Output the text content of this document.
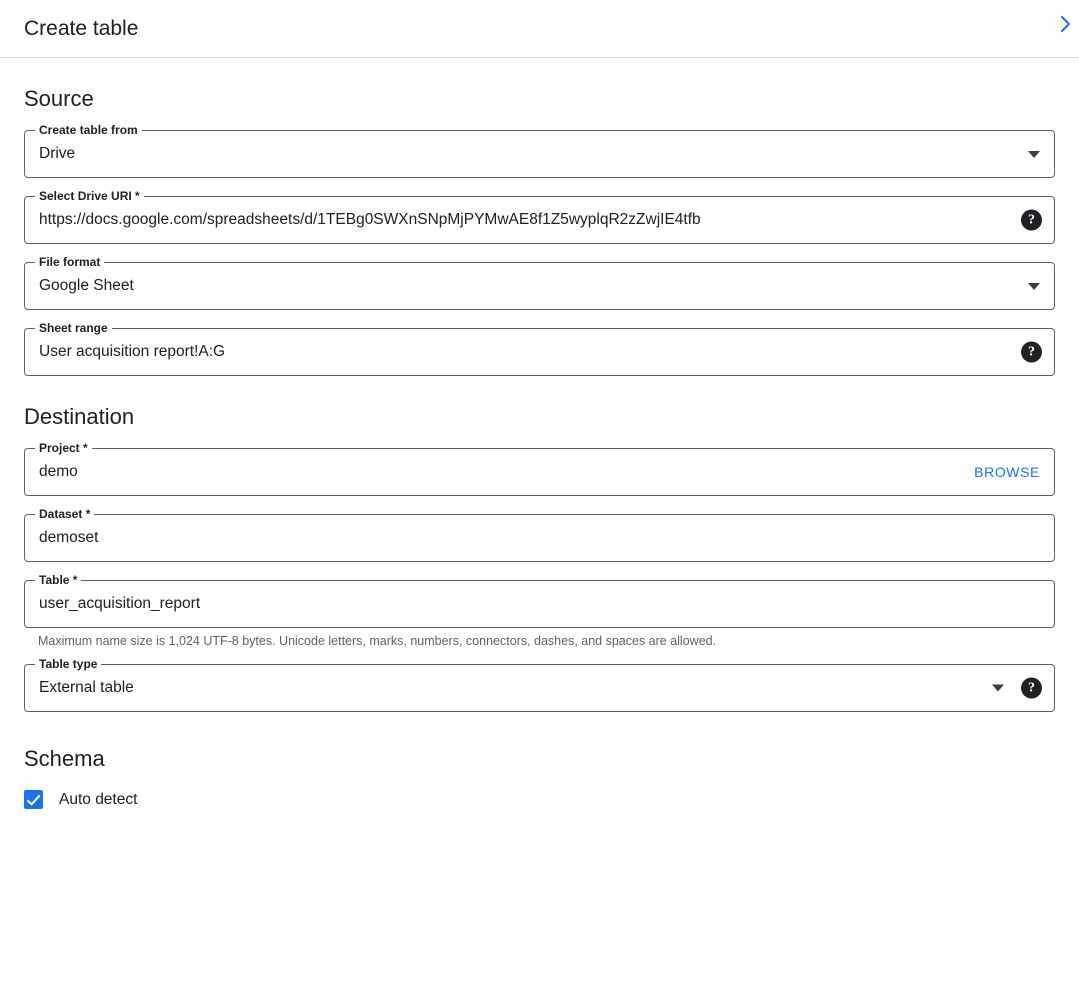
Create table
Source
Create table from
Drive
Select Drive URI *
https://docs.google.com/spreadsheets/d/1TEBg0SWXnSNpMjPYMwAE8f1Z5wyplqR2zZwjIE4tfb	?
File format
Google Sheet
Sheet range
User acquisition report!A:G	?
Destination
Project *
demo	BROWSE
Dataset *
demoset
Table *
user_acquisition_report
Maximum name size is 1,024 UTF-8 bytes. Unicode letters, marks, numbers, connectors, dashes, and spaces are allowed.
Table type
External table	?
Schema
Auto detect
